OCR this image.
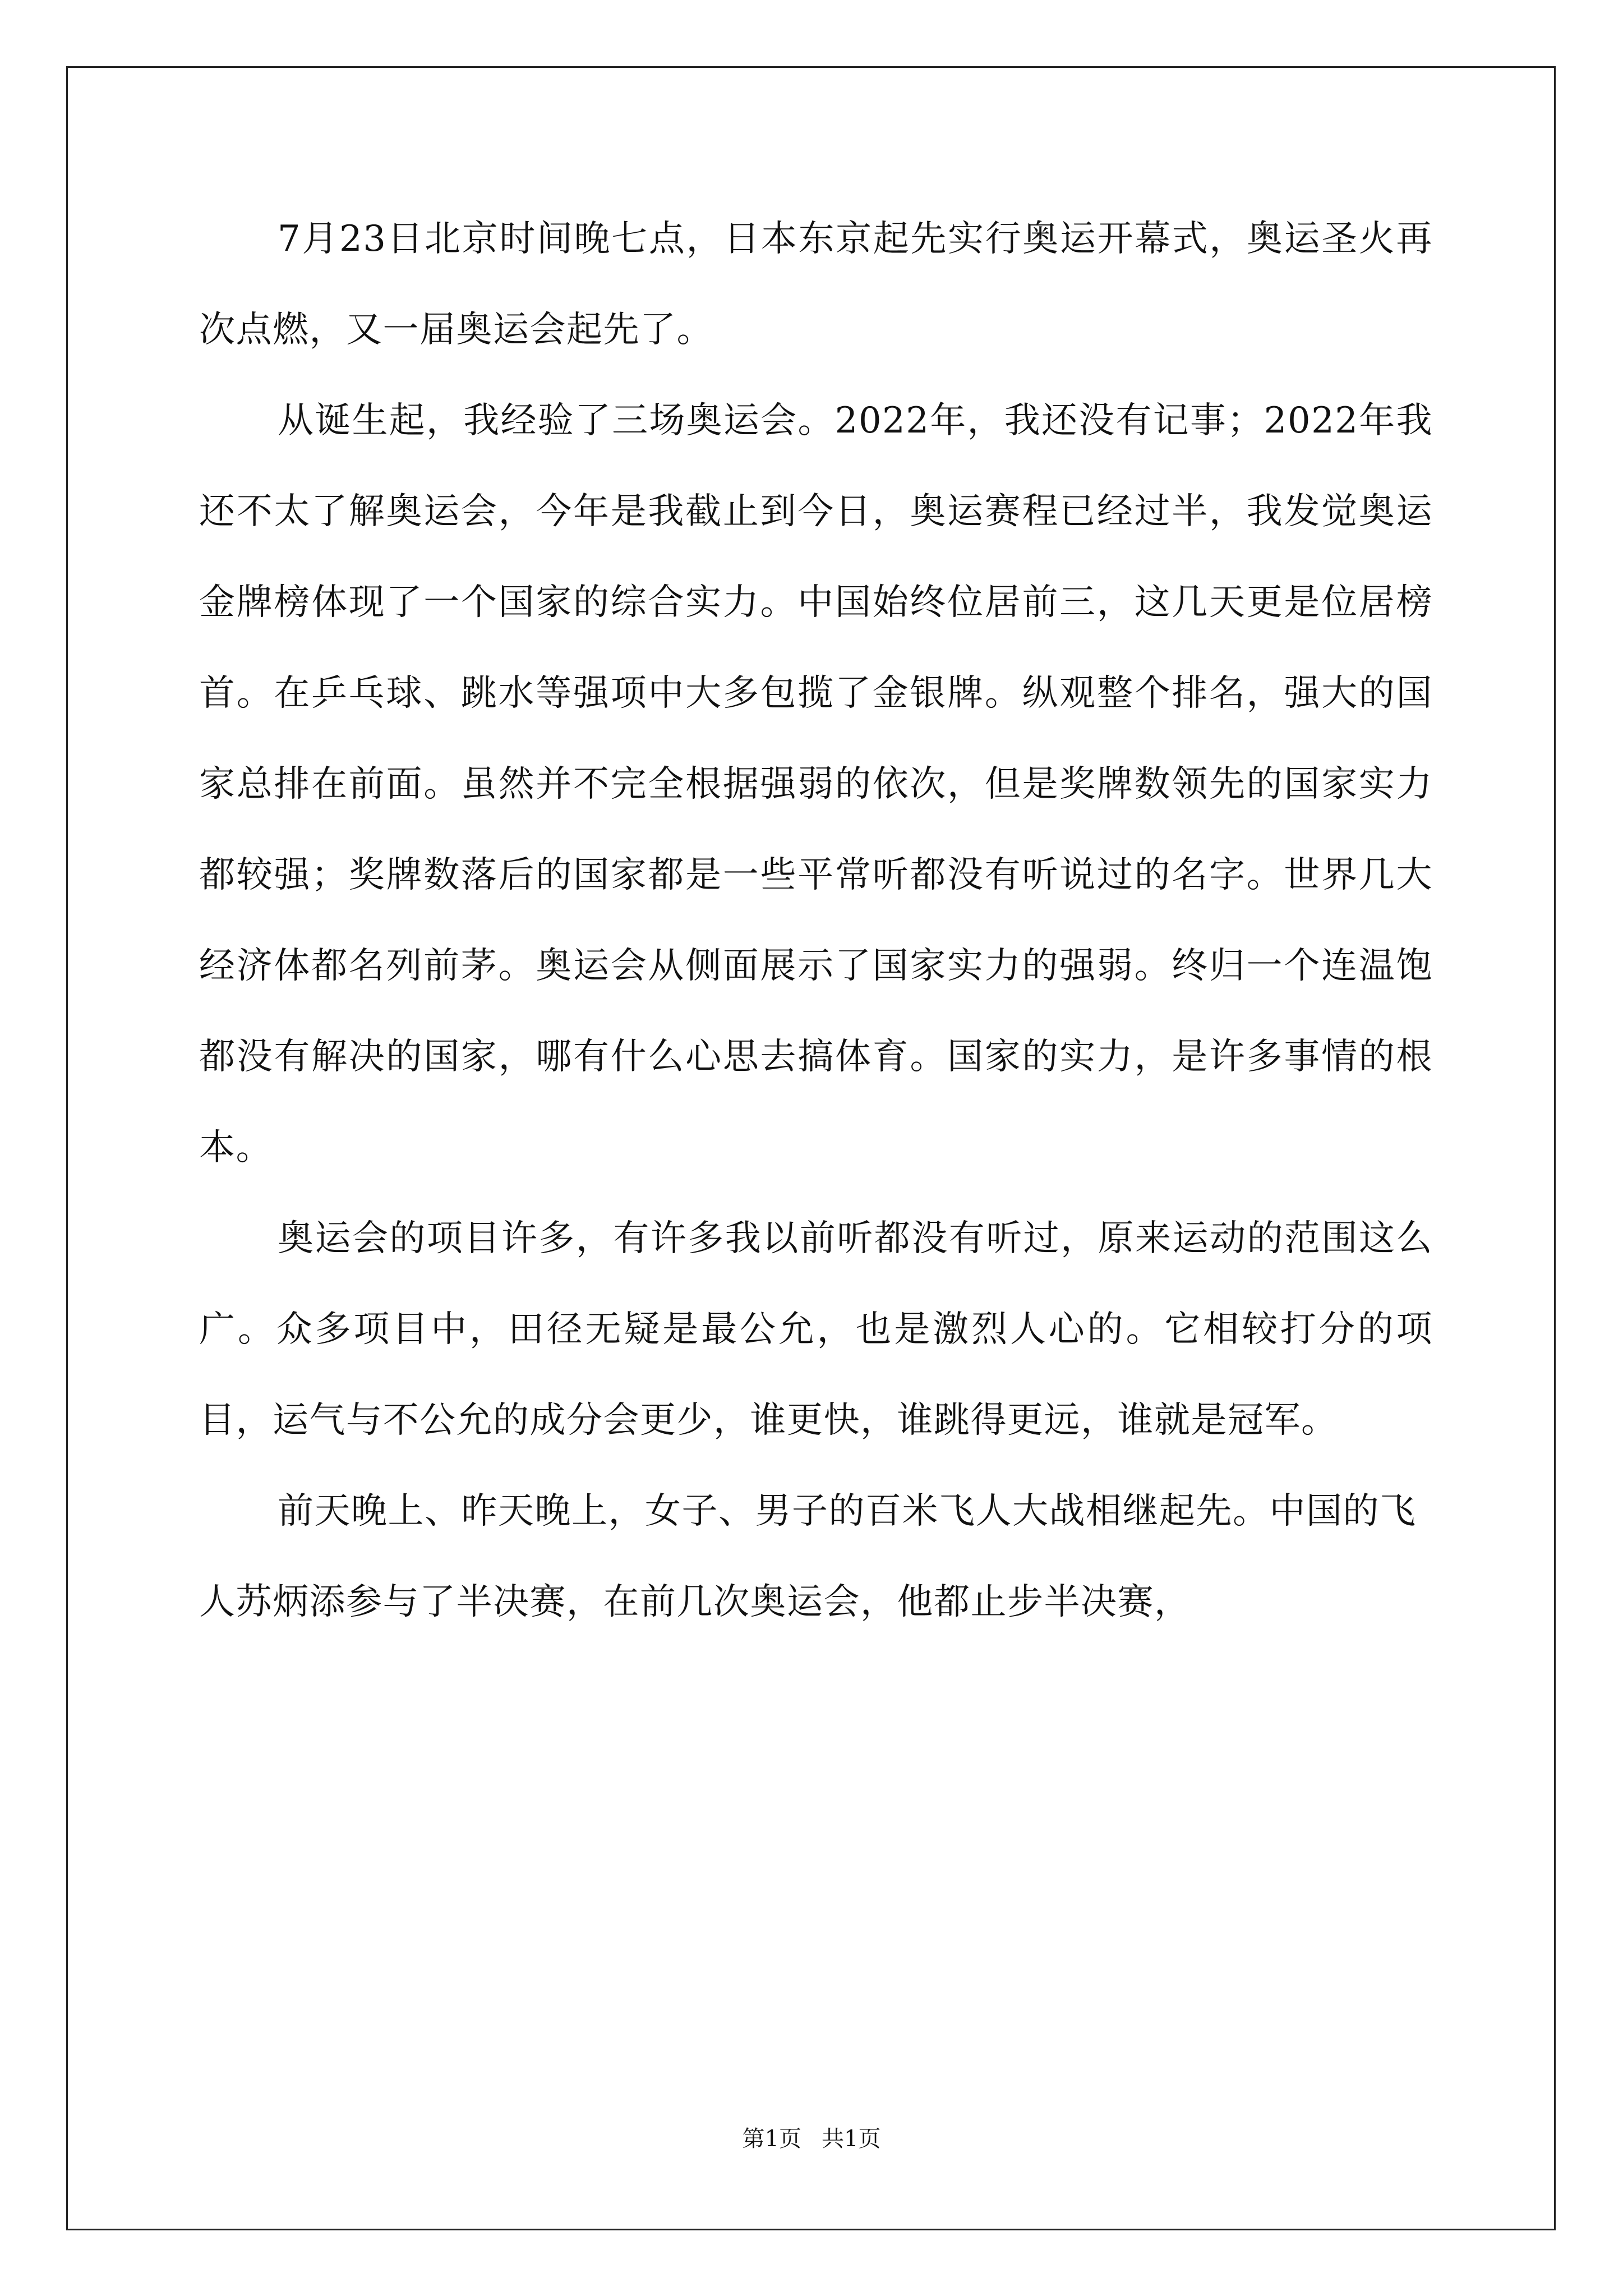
7月23日北京时间晚七点，日本东京起先实行奥运开幕式，奥运圣火再次点燃，又一届奥运会起先了。

从诞生起，我经验了三场奥运会。2022年，我还没有记事；2022年我还不太了解奥运会，今年是我截止到今日，奥运赛程已经过半，我发觉奥运金牌榜体现了一个国家的综合实力。中国始终位居前三，这几天更是位居榜首。在乒乓球、跳水等强项中大多包揽了金银牌。纵观整个排名，强大的国家总排在前面。虽然并不完全根据强弱的依次，但是奖牌数领先的国家实力都较强；奖牌数落后的国家都是一些平常听都没有听说过的名字。世界几大经济体都名列前茅。奥运会从侧面展示了国家实力的强弱。终归一个连温饱都没有解决的国家，哪有什么心思去搞体育。国家的实力，是许多事情的根本。

奥运会的项目许多，有许多我以前听都没有听过，原来运动的范围这么广。众多项目中，田径无疑是最公允，也是激烈人心的。它相较打分的项目，运气与不公允的成分会更少，谁更快，谁跳得更远，谁就是冠军。

前天晚上、昨天晚上，女子、男子的百米飞人大战相继起先。中国的飞人苏炳添参与了半决赛，在前几次奥运会，他都止步半决赛，

第1页 共1页
